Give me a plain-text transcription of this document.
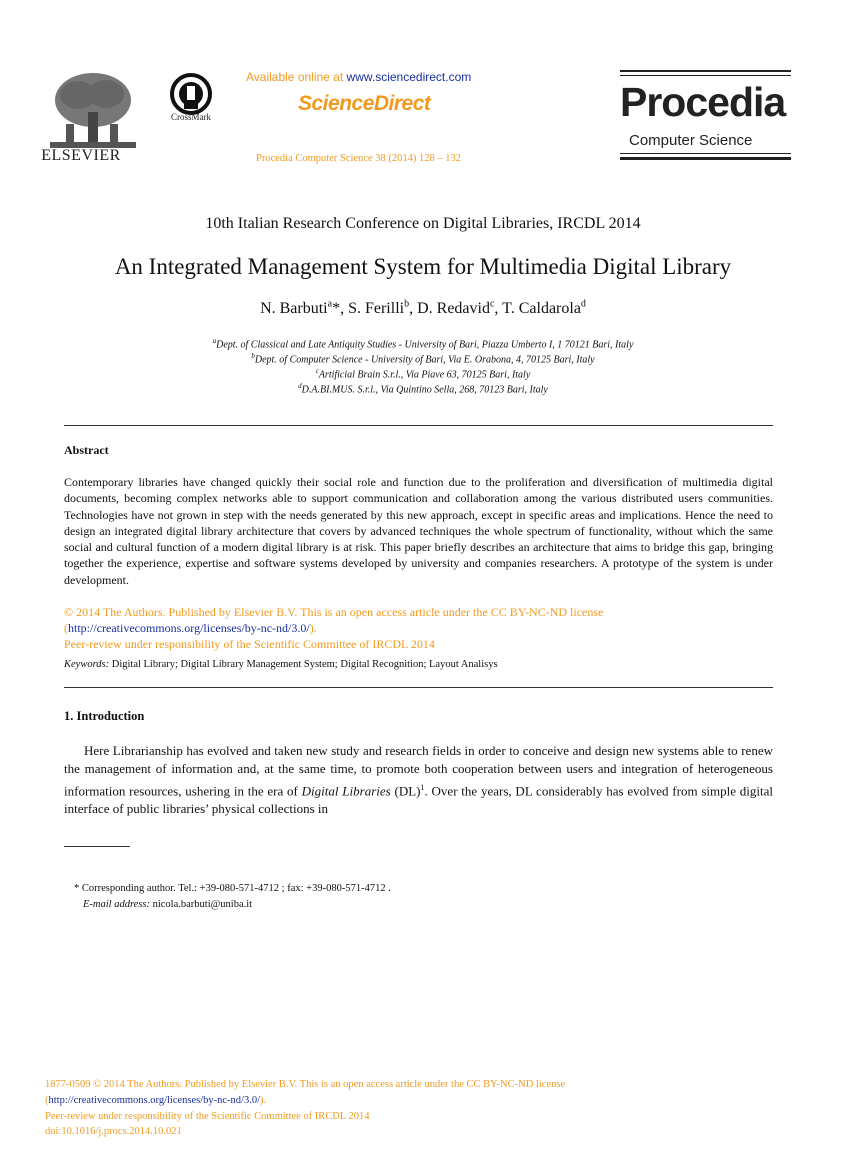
ELSEVIER
CrossMark
Available online at www.sciencedirect.com
ScienceDirect
Procedia Computer Science 38 (2014) 128 – 132
Procedia
Computer Science
10th Italian Research Conference on Digital Libraries, IRCDL 2014
An Integrated Management System for Multimedia Digital Library
N. Barbuti$^a$*, S. Ferilli$^b$, D. Redavid$^c$, T. Caldarola$^d$
$^a$Dept. of Classical and Late Antiquity Studies - University of Bari, Piazza Umberto I, 1 70121 Bari, Italy
$^b$Dept. of Computer Science - University of Bari, Via E. Orabona, 4, 70125 Bari, Italy
$^c$Artificial Brain S.r.l., Via Piave 63, 70125 Bari, Italy
$^d$D.A.BI.MUS. S.r.l., Via Quintino Sella, 268, 70123 Bari, Italy
Abstract
Contemporary libraries have changed quickly their social role and function due to the proliferation and diversification of multimedia digital documents, becoming complex networks able to support communication and collaboration among the various distributed users communities. Technologies have not grown in step with the needs generated by this new approach, except in specific areas and implications. Hence the need to design an integrated digital library architecture that covers by advanced techniques the whole spectrum of functionality, without which the same social and cultural function of a modern digital library is at risk. This paper briefly describes an architecture that aims to bridge this gap, bringing together the experience, expertise and software systems developed by university and companies researchers. A prototype of the system is under development.
© 2014 The Authors. Published by Elsevier B.V. This is an open access article under the CC BY-NC-ND license
(http://creativecommons.org/licenses/by-nc-nd/3.0/).
Peer-review under responsibility of the Scientific Committee of IRCDL 2014
Keywords: Digital Library; Digital Library Management System; Digital Recognition; Layout Analisys
1. Introduction
Here Librarianship has evolved and taken new study and research fields in order to conceive and design new systems able to renew the management of information and, at the same time, to promote both cooperation between users and integration of heterogeneous information resources, ushering in the era of Digital Libraries (DL)$^1$. Over the years, DL considerably has evolved from simple digital interface of public libraries’ physical collections in
* Corresponding author. Tel.: +39-080-571-4712 ; fax: +39-080-571-4712 .
E-mail address: nicola.barbuti@uniba.it
1877-0509 © 2014 The Authors. Published by Elsevier B.V. This is an open access article under the CC BY-NC-ND license
(http://creativecommons.org/licenses/by-nc-nd/3.0/).
Peer-review under responsibility of the Scientific Committee of IRCDL 2014
doi:10.1016/j.procs.2014.10.021
